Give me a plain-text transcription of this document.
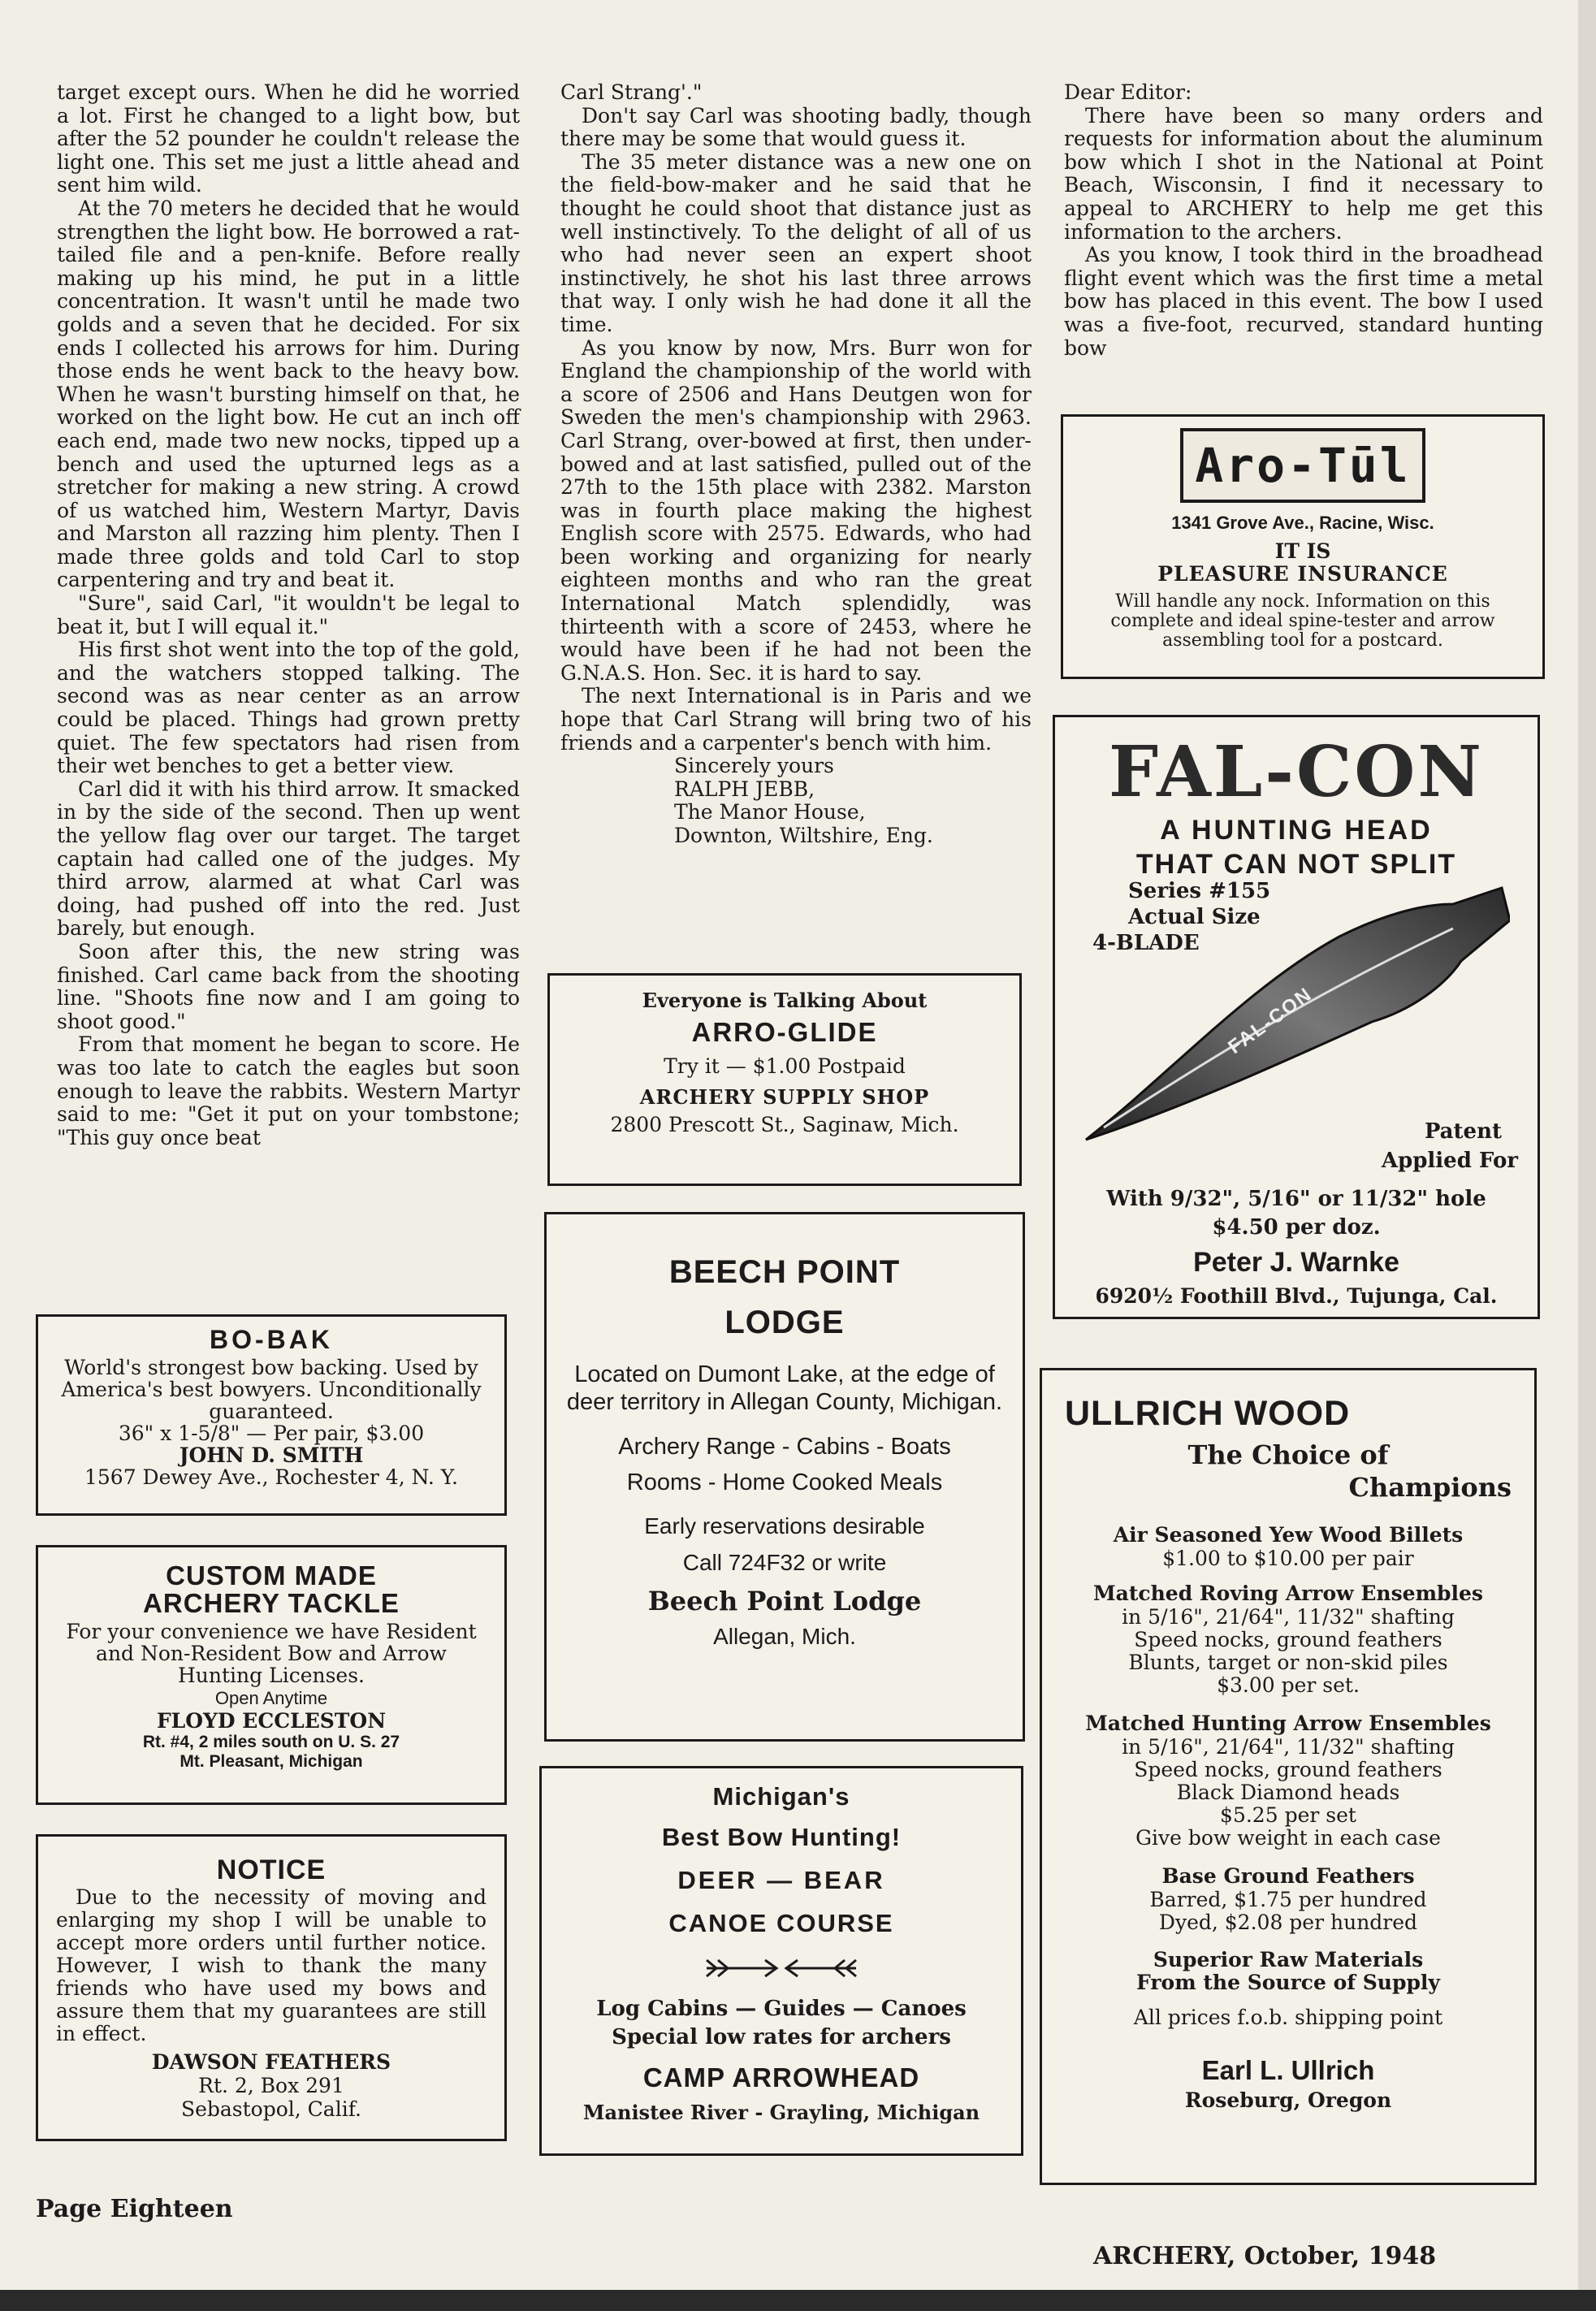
target except ours. When he did he worried a lot. First he changed to a light bow, but after the 52 pounder he couldn't release the light one. This set me just a little ahead and sent him wild.

At the 70 meters he decided that he would strengthen the light bow. He borrowed a rat-tailed file and a pen-knife. Before really making up his mind, he put in a little concentration. It wasn't until he made two golds and a seven that he decided. For six ends I collected his arrows for him. During those ends he went back to the heavy bow. When he wasn't bursting himself on that, he worked on the light bow. He cut an inch off each end, made two new nocks, tipped up a bench and used the upturned legs as a stretcher for making a new string. A crowd of us watched him, Western Martyr, Davis and Marston all razzing him plenty. Then I made three golds and told Carl to stop carpentering and try and beat it.

"Sure", said Carl, "it wouldn't be legal to beat it, but I will equal it."

His first shot went into the top of the gold, and the watchers stopped talking. The second was as near center as an arrow could be placed. Things had grown pretty quiet. The few spectators had risen from their wet benches to get a better view.

Carl did it with his third arrow. It smacked in by the side of the second. Then up went the yellow flag over our target. The target captain had called one of the judges. My third arrow, alarmed at what Carl was doing, had pushed off into the red. Just barely, but enough.

Soon after this, the new string was finished. Carl came back from the shooting line. "Shoots fine now and I am going to shoot good."

From that moment he began to score. He was too late to catch the eagles but soon enough to leave the rabbits. Western Martyr said to me: "Get it put on your tombstone; "This guy once beat

Carl Strang'."

Don't say Carl was shooting badly, though there may be some that would guess it.

The 35 meter distance was a new one on the field-bow-maker and he said that he thought he could shoot that distance just as well instinctively. To the delight of all of us who had never seen an expert shoot instinctively, he shot his last three arrows that way. I only wish he had done it all the time.

As you know by now, Mrs. Burr won for England the championship of the world with a score of 2506 and Hans Deutgen won for Sweden the men's championship with 2963. Carl Strang, over-bowed at first, then under-bowed and at last satisfied, pulled out of the 27th to the 15th place with 2382. Marston was in fourth place making the highest English score with 2575. Edwards, who had been working and organizing for nearly eighteen months and who ran the great International Match splendidly, was thirteenth with a score of 2453, where he would have been if he had not been the G.N.A.S. Hon. Sec. it is hard to say.

The next International is in Paris and we hope that Carl Strang will bring two of his friends and a carpenter's bench with him.

Sincerely yours
RALPH JEBB,
The Manor House,
Downton, Wiltshire, Eng.

Dear Editor:

There have been so many orders and requests for information about the aluminum bow which I shot in the National at Point Beach, Wisconsin, I find it necessary to appeal to ARCHERY to help me get this information to the archers.

As you know, I took third in the broadhead flight event which was the first time a metal bow has placed in this event. The bow I used was a five-foot, recurved, standard hunting bow

BO-BAK
World's strongest bow backing. Used by America's best bowyers. Unconditionally guaranteed.
36" x 1-5/8" — Per pair, $3.00
JOHN D. SMITH
1567 Dewey Ave., Rochester 4, N. Y.
CUSTOM MADE
ARCHERY TACKLE
For your convenience we have Resident and Non-Resident Bow and Arrow Hunting Licenses.
Open Anytime
FLOYD ECCLESTON
Rt. #4, 2 miles south on U. S. 27
Mt. Pleasant, Michigan
NOTICE
Due to the necessity of moving and enlarging my shop I will be unable to accept more orders until further notice. However, I wish to thank the many friends who have used my bows and assure them that my guarantees are still in effect.
DAWSON FEATHERS
Rt. 2, Box 291
Sebastopol, Calif.
Everyone is Talking About
ARRO-GLIDE
Try it — $1.00 Postpaid
ARCHERY SUPPLY SHOP
2800 Prescott St., Saginaw, Mich.
BEECH POINT
LODGE
Located on Dumont Lake, at the edge of deer territory in Allegan County, Michigan.
Archery Range - Cabins - Boats
Rooms - Home Cooked Meals
Early reservations desirable
Call 724F32 or write
Beech Point Lodge
Allegan, Mich.
Michigan's
Best Bow Hunting!
DEER — BEAR
CANOE COURSE
Log Cabins — Guides — Canoes
Special low rates for archers
CAMP ARROWHEAD
Manistee River - Grayling, Michigan
Aro-Tūl
1341 Grove Ave., Racine, Wisc.
IT IS
PLEASURE INSURANCE
Will handle any nock. Information on this complete and ideal spine-tester and arrow assembling tool for a postcard.
FAL-CON
A HUNTING HEAD
THAT CAN NOT SPLIT
Series #155
Actual Size
4-BLADE
FAL-CON
Patent
Applied For
With 9/32", 5/16" or 11/32" hole
$4.50 per doz.
Peter J. Warnke
6920½ Foothill Blvd., Tujunga, Cal.
ULLRICH WOOD
The Choice of
Champions
Air Seasoned Yew Wood Billets
$1.00 to $10.00 per pair
Matched Roving Arrow Ensembles
in 5/16", 21/64", 11/32" shafting
Speed nocks, ground feathers
Blunts, target or non-skid piles
$3.00 per set.
Matched Hunting Arrow Ensembles
in 5/16", 21/64", 11/32" shafting
Speed nocks, ground feathers
Black Diamond heads
$5.25 per set
Give bow weight in each case
Base Ground Feathers
Barred, $1.75 per hundred
Dyed, $2.08 per hundred
Superior Raw Materials
From the Source of Supply
All prices f.o.b. shipping point
Earl L. Ullrich
Roseburg, Oregon
Page Eighteen
ARCHERY, October, 1948
